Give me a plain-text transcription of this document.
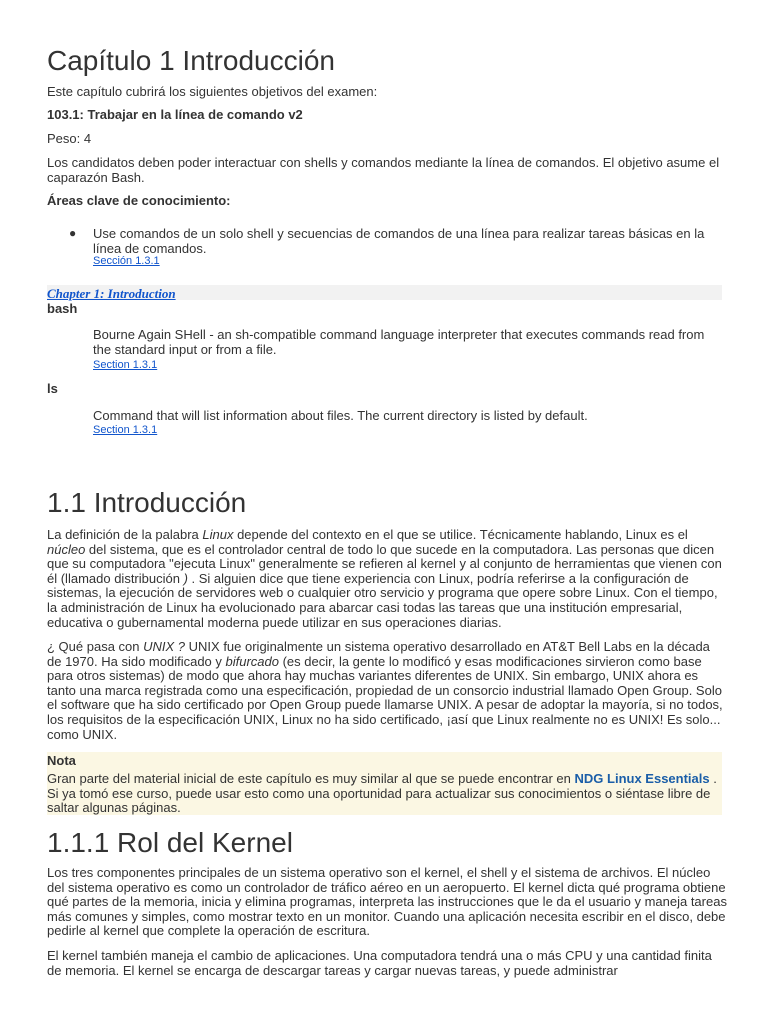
Capítulo 1 Introducción

Este capítulo cubrirá los siguientes objetivos del examen:

103.1: Trabajar en la línea de comando v2

Peso: 4

Los candidatos deben poder interactuar con shells y comandos mediante la línea de comandos. El objetivo asume el caparazón Bash.

Áreas clave de conocimiento:

● Use comandos de un solo shell y secuencias de comandos de una línea para realizar tareas básicas en la línea de comandos.

Sección 1.3.1
Chapter 1: Introduction

bash

Bourne Again SHell - an sh-compatible command language interpreter that executes commands read from the standard input or from a file.

Section 1.3.1

ls

Command that will list information about files. The current directory is listed by default.

Section 1.3.1
1.1 Introducción

La definición de la palabra Linux depende del contexto en el que se utilice. Técnicamente hablando, Linux es el núcleo del sistema, que es el controlador central de todo lo que sucede en la computadora. Las personas que dicen que su computadora "ejecuta Linux" generalmente se refieren al kernel y al conjunto de herramientas que vienen con él (llamado distribución ) . Si alguien dice que tiene experiencia con Linux, podría referirse a la configuración de sistemas, la ejecución de servidores web o cualquier otro servicio y programa que opere sobre Linux. Con el tiempo, la administración de Linux ha evolucionado para abarcar casi todas las tareas que una institución empresarial, educativa o gubernamental moderna puede utilizar en sus operaciones diarias.

¿ Qué pasa con UNIX ? UNIX fue originalmente un sistema operativo desarrollado en AT&T Bell Labs en la década de 1970. Ha sido modificado y bifurcado (es decir, la gente lo modificó y esas modificaciones sirvieron como base para otros sistemas) de modo que ahora hay muchas variantes diferentes de UNIX. Sin embargo, UNIX ahora es tanto una marca registrada como una especificación, propiedad de un consorcio industrial llamado Open Group. Solo el software que ha sido certificado por Open Group puede llamarse UNIX. A pesar de adoptar la mayoría, si no todos, los requisitos de la especificación UNIX, Linux no ha sido certificado, ¡así que Linux realmente no es UNIX! Es solo... como UNIX.

Nota

Gran parte del material inicial de este capítulo es muy similar al que se puede encontrar en NDG Linux Essentials . Si ya tomó ese curso, puede usar esto como una oportunidad para actualizar sus conocimientos o siéntase libre de saltar algunas páginas.

1.1.1 Rol del Kernel

Los tres componentes principales de un sistema operativo son el kernel, el shell y el sistema de archivos. El núcleo del sistema operativo es como un controlador de tráfico aéreo en un aeropuerto. El kernel dicta qué programa obtiene qué partes de la memoria, inicia y elimina programas, interpreta las instrucciones que le da el usuario y maneja tareas más comunes y simples, como mostrar texto en un monitor. Cuando una aplicación necesita escribir en el disco, debe pedirle al kernel que complete la operación de escritura.

El kernel también maneja el cambio de aplicaciones. Una computadora tendrá una o más CPU y una cantidad finita de memoria. El kernel se encarga de descargar tareas y cargar nuevas tareas, y puede administrar
